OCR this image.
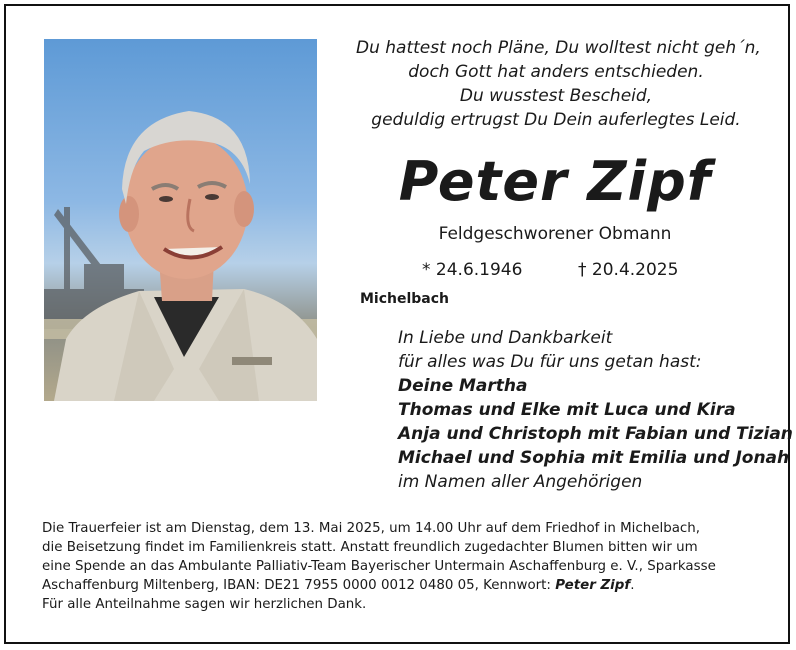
Du hattest noch Pläne, Du wolltest nicht geh´n,
doch Gott hat anders entschieden.
Du wusstest Bescheid,
geduldig ertrugst Du Dein auferlegtes Leid.
Peter Zipf
Feldgeschworener Obmann
* 24.6.1946	† 20.4.2025
Michelbach
In Liebe und Dankbarkeit
für alles was Du für uns getan hast:
Deine Martha
Thomas und Elke mit Luca und Kira
Anja und Christoph mit Fabian und Tizian
Michael und Sophia mit Emilia und Jonah
im Namen aller Angehörigen
Die Trauerfeier ist am Dienstag, dem 13. Mai 2025, um 14.00 Uhr auf dem Friedhof in Michelbach,
die Beisetzung findet im Familienkreis statt. Anstatt freundlich zugedachter Blumen bitten wir um
eine Spende an das Ambulante Palliativ-Team Bayerischer Untermain Aschaffenburg e. V., Sparkasse
Aschaffenburg Miltenberg, IBAN: DE21 7955 0000 0012 0480 05, Kennwort: Peter Zipf.
Für alle Anteilnahme sagen wir herzlichen Dank.
